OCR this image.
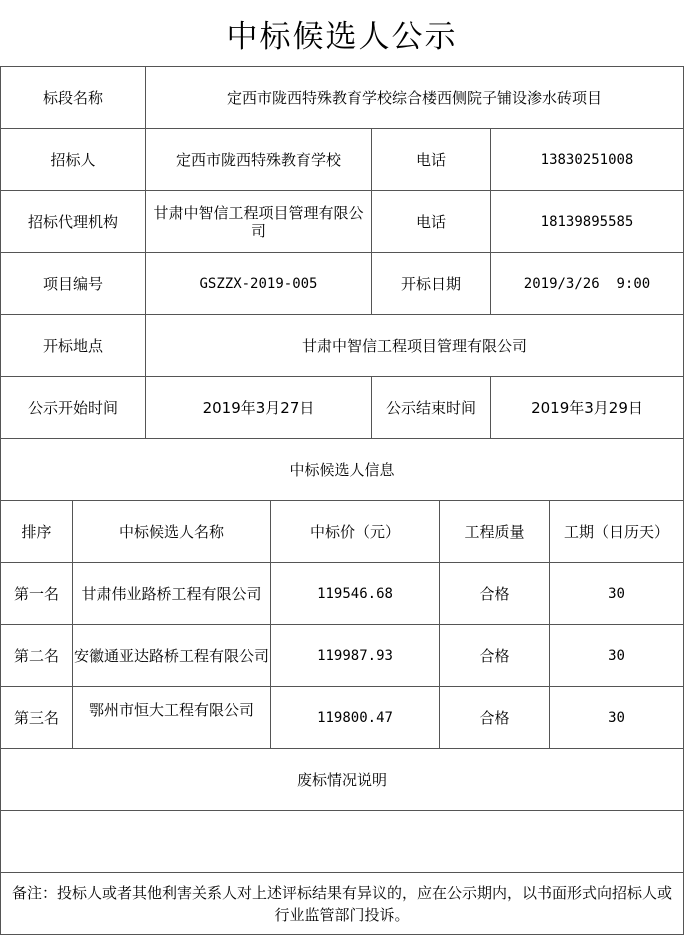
中标候选人公示
标段名称	定西市陇西特殊教育学校综合楼西侧院子铺设渗水砖项目
招标人	定西市陇西特殊教育学校	电话	13830251008
招标代理机构	甘肃中智信工程项目管理有限公司	电话	18139895585
项目编号	GSZZX-2019-005	开标日期	2019/3/26  9:00
开标地点	甘肃中智信工程项目管理有限公司
公示开始时间	2019年3月27日	公示结束时间	2019年3月29日
中标候选人信息
排序	中标候选人名称	中标价（元）	工程质量	工期（日历天）
第一名	甘肃伟业路桥工程有限公司	119546.68	合格	30
第二名	安徽通亚达路桥工程有限公司	119987.93	合格	30
第三名	鄂州市恒大工程有限公司	119800.47	合格	30
废标情况说明
备注：投标人或者其他利害关系人对上述评标结果有异议的，应在公示期内，以书面形式向招标人或行业监管部门投诉。
